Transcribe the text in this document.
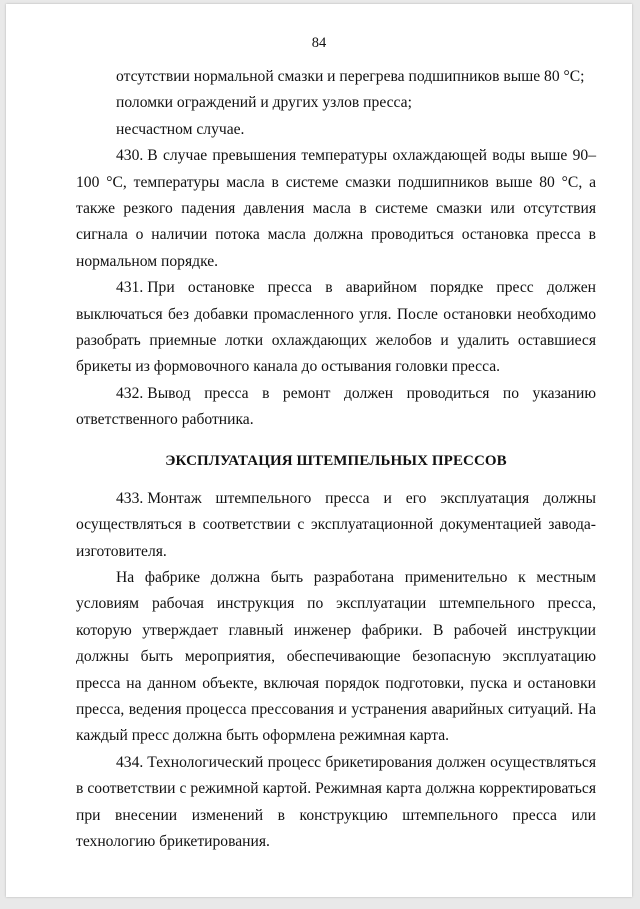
84

отсутствии нормальной смазки и перегрева подшипников выше 80 °C;

поломки ограждений и других узлов пресса;

несчастном случае.

430. В случае превышения температуры охлаждающей воды выше 90–100 °C, температуры масла в системе смазки подшипников выше 80 °C, а также резкого падения давления масла в системе смазки или отсутствия сигнала о наличии потока масла должна проводиться остановка пресса в нормальном порядке.

431. При остановке пресса в аварийном порядке пресс должен выключаться без добавки промасленного угля. После остановки необходимо разобрать приемные лотки охлаждающих желобов и удалить оставшиеся брикеты из формовочного канала до остывания головки пресса.

432. Вывод пресса в ремонт должен проводиться по указанию ответственного работника.

ЭКСПЛУАТАЦИЯ ШТЕМПЕЛЬНЫХ ПРЕССОВ

433. Монтаж штемпельного пресса и его эксплуатация должны осуществляться в соответствии с эксплуатационной документацией завода-изготовителя.

На фабрике должна быть разработана применительно к местным условиям рабочая инструкция по эксплуатации штемпельного пресса, которую утверждает главный инженер фабрики. В рабочей инструкции должны быть мероприятия, обеспечивающие безопасную эксплуатацию пресса на данном объекте, включая порядок подготовки, пуска и остановки пресса, ведения процесса прессования и устранения аварийных ситуаций. На каждый пресс должна быть оформлена режимная карта.

434. Технологический процесс брикетирования должен осуществляться в соответствии с режимной картой. Режимная карта должна корректироваться при внесении изменений в конструкцию штемпельного пресса или технологию брикетирования.
